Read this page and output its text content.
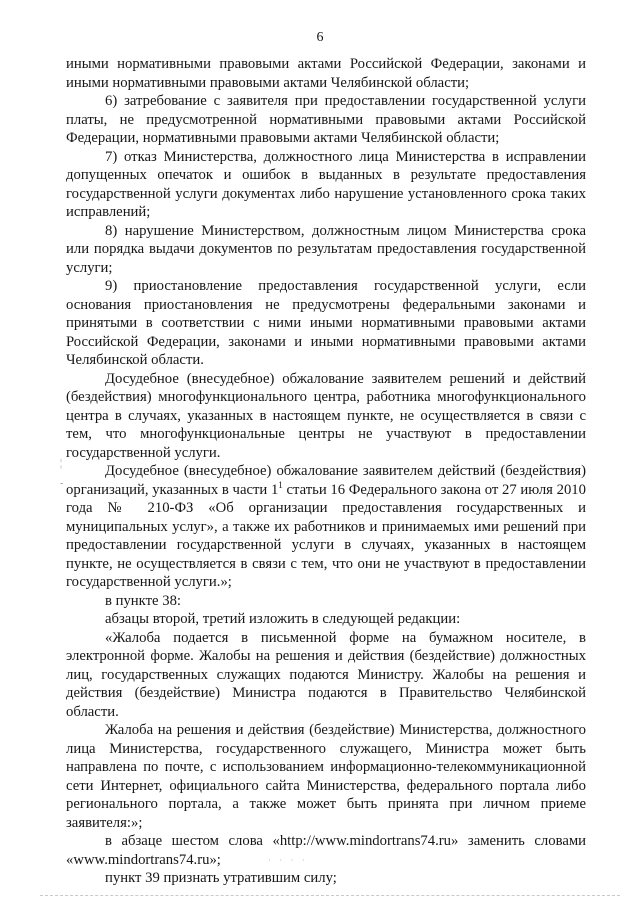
6

иными нормативными правовыми актами Российской Федерации, законами и иными нормативными правовыми актами Челябинской области;

6) затребование с заявителя при предоставлении государственной услуги платы, не предусмотренной нормативными правовыми актами Российской Федерации, нормативными правовыми актами Челябинской области;

7) отказ Министерства, должностного лица Министерства в исправлении допущенных опечаток и ошибок в выданных в результате предоставления государственной услуги документах либо нарушение установленного срока таких исправлений;

8) нарушение Министерством, должностным лицом Министерства срока или порядка выдачи документов по результатам предоставления государственной услуги;

9) приостановление предоставления государственной услуги, если основания приостановления не предусмотрены федеральными законами и принятыми в соответствии с ними иными нормативными правовыми актами Российской Федерации, законами и иными нормативными правовыми актами Челябинской области.

Досудебное (внесудебное) обжалование заявителем решений и действий (бездействия) многофункционального центра, работника многофункционального центра в случаях, указанных в настоящем пункте, не осуществляется в связи с тем, что многофункциональные центры не участвуют в предоставлении государственной услуги.

Досудебное (внесудебное) обжалование заявителем действий (бездействия) организаций, указанных в части $1^1$ статьи 16 Федерального закона от 27 июля 2010 года № 210-ФЗ «Об организации предоставления государственных и муниципальных услуг», а также их работников и принимаемых ими решений при предоставлении государственной услуги в случаях, указанных в настоящем пункте, не осуществляется в связи с тем, что они не участвуют в предоставлении государственной услуги.»;

в пункте 38:

абзацы второй, третий изложить в следующей редакции:

«Жалоба подается в письменной форме на бумажном носителе, в электронной форме. Жалобы на решения и действия (бездействие) должностных лиц, государственных служащих подаются Министру. Жалобы на решения и действия (бездействие) Министра подаются в Правительство Челябинской области.

Жалоба на решения и действия (бездействие) Министерства, должностного лица Министерства, государственного служащего, Министра может быть направлена по почте, с использованием информационно-телекоммуникационной сети Интернет, официального сайта Министерства, федерального портала либо регионального портала, а также может быть принята при личном приеме заявителя:»;

в абзаце шестом слова «http://www.mindortrans74.ru» заменить словами «www.mindortrans74.ru»;

пункт 39 признать утратившим силу;

¦
-
· · · ·
